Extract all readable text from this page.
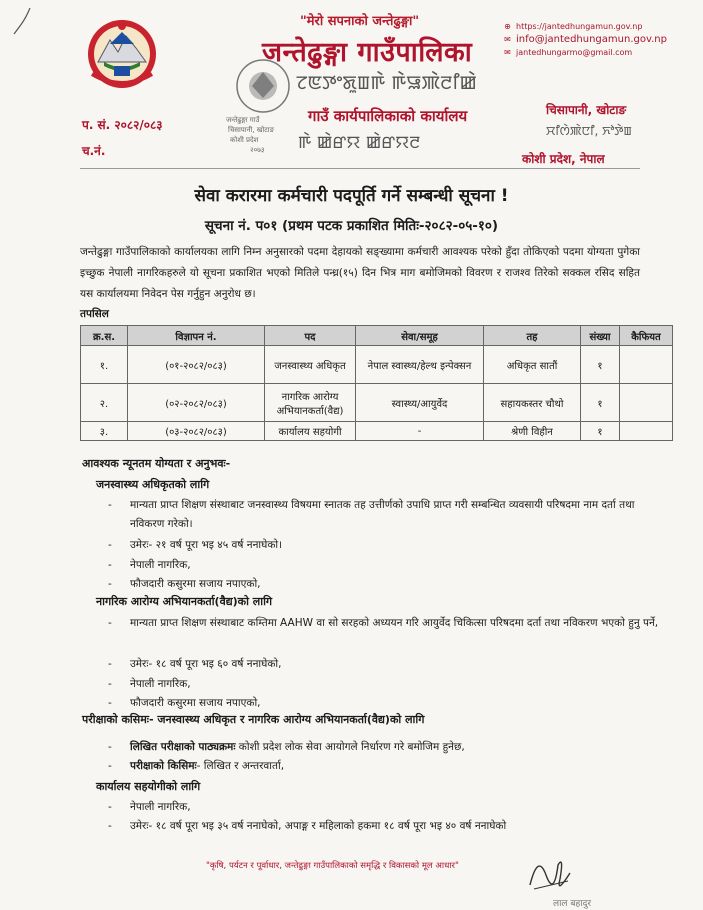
जन्तेढुङ्गा गाउँ
चिसापानी, खोटाङ
कोशी प्रदेश
२०७३
"मेरो सपनाको जन्तेढुङ्गा"
जन्तेढुङ्गा गाउँपालिका
ꯖꯟꯇꯦꯗꯨꯡꯒꯥ ꯒꯥꯎꯄꯥꯂꯤꯀꯥ
गाउँ कार्यपालिकाको कार्यालय
ꯒꯥ ꯀꯥꯔꯌ ꯀꯥꯔꯌꯂ
⊕ https://jantedhungamun.gov.np
✉ info@jantedhungamun.gov.np
✉ jantedhungarmo@gmail.com
प. सं. २०८२/०८३
च.नं.
चिसापानी, खोटाङ
ꯆꯤꯁꯥꯄꯥꯅꯤ, ꯈꯣꯇꯥꯡ
कोशी प्रदेश, नेपाल
सेवा करारमा कर्मचारी पदपूर्ति गर्ने सम्बन्धी सूचना !
सूचना नं. प०१ (प्रथम पटक प्रकाशित मितिः-२०८२-०५-१०)
जन्तेढुङ्गा गाउँपालिकाको कार्यालयका लागि निम्न अनुसारको पदमा देहायको सङ्ख्यामा कर्मचारी आवश्यक परेको हुँदा तोकिएको पदमा योग्यता पुगेका इच्छुक नेपाली नागरिकहरुले यो सूचना प्रकाशित भएको मितिले पन्ध्र(१५) दिन भित्र माग बमोजिमको विवरण र राजश्व तिरेको सक्कल रसिद सहित यस कार्यालयमा निवेदन पेस गर्नुहुन अनुरोध छ।
तपसिल
क्र.स.	विज्ञापन नं.	पद	सेवा/समूह	तह	संख्या	कैफियत
१.	(०१-२०८२/०८३)	जनस्वास्थ्य अधिकृत	नेपाल स्वास्थ्य/हेल्थ इन्पेक्सन	अधिकृत सातौं	१	
२.	(०२-२०८२/०८३)	नागरिक आरोग्य अभियानकर्ता(वैद्य)	स्वास्थ्य/आयुर्वेद	सहायकस्तर चौथो	१	
३.	(०३-२०८२/०८३)	कार्यालय सहयोगी	-	श्रेणी विहीन	१	
आवश्यक न्यूनतम योग्यता र अनुभवः-
जनस्वास्थ्य अधिकृतको लागि
- मान्यता प्राप्त शिक्षण संस्थाबाट जनस्वास्थ्य विषयमा स्नातक तह उत्तीर्णको उपाधि प्राप्त गरी सम्बन्धित व्यवसायी परिषदमा नाम दर्ता तथा नविकरण गरेको।
- उमेरः- २१ वर्ष पूरा भइ ४५ वर्ष ननाघेको।
- नेपाली नागरिक,
- फौजदारी कसुरमा सजाय नपाएको,
नागरिक आरोग्य अभियानकर्ता(वैद्य)को लागि
- मान्यता प्राप्त शिक्षण संस्थाबाट कम्तिमा AAHW वा सो सरहको अध्ययन गरि आयुर्वेद चिकित्सा परिषदमा दर्ता तथा नविकरण भएको हुनु पर्ने,
- उमेरः- १८ वर्ष पूरा भइ ६० वर्ष ननाघेको,
- नेपाली नागरिक,
- फौजदारी कसुरमा सजाय नपाएको,
परीक्षाको कसिमः- जनस्वास्थ्य अधिकृत र नागरिक आरोग्य अभियानकर्ता(वैद्य)को लागि
- लिखित परीक्षाको पाठ्यक्रमः कोशी प्रदेश लोक सेवा आयोगले निर्धारण गरे बमोजिम हुनेछ,
- परीक्षाको किसिमः- लिखित र अन्तरवार्ता,
कार्यालय सहयोगीको लागि
- नेपाली नागरिक,
- उमेरः- १८ वर्ष पूरा भइ ३५ वर्ष ननाघेको, अपाङ्ग र महिलाको हकमा १८ वर्ष पूरा भइ ४० वर्ष ननाघेको
"कृषि, पर्यटन र पूर्वाधार, जन्तेढुङ्गा गाउँपालिकाको समृद्धि र विकासको मूल आधार"
लाल बहादुर
